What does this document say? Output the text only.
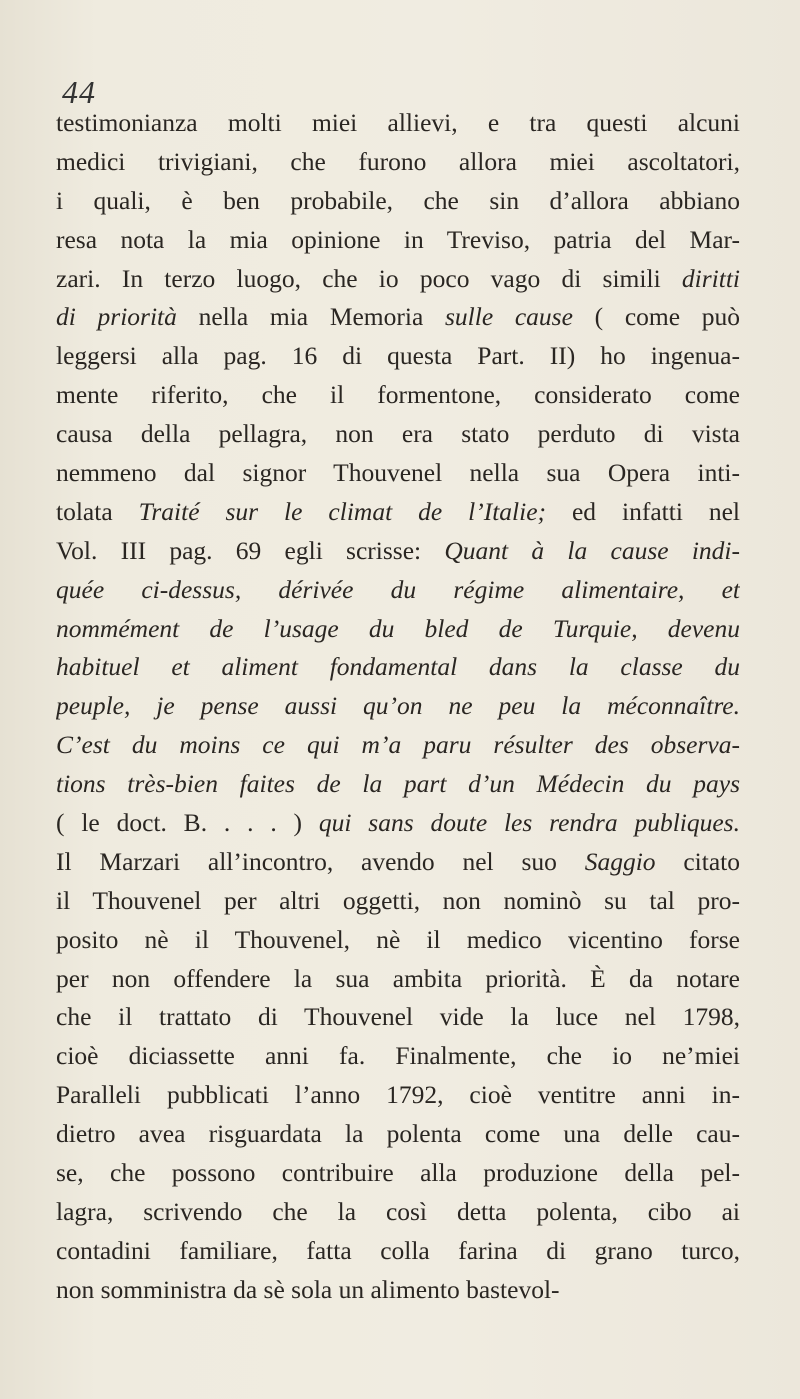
44
testimonianza molti miei allievi, e tra questi alcuni
medici trivigiani, che furono allora miei ascoltatori,
i quali, è ben probabile, che sin d’allora abbiano
resa nota la mia opinione in Treviso, patria del Mar-
zari. In terzo luogo, che io poco vago di simili diritti
di priorità nella mia Memoria sulle cause ( come può
leggersi alla pag. 16 di questa Part. II) ho ingenua-
mente riferito, che il formentone, considerato come
causa della pellagra, non era stato perduto di vista
nemmeno dal signor Thouvenel nella sua Opera inti-
tolata Traité sur le climat de l’Italie; ed infatti nel
Vol. III pag. 69 egli scrisse: Quant à la cause indi-
quée ci-dessus, dérivée du régime alimentaire, et
nommément de l’usage du bled de Turquie, devenu
habituel et aliment fondamental dans la classe du
peuple, je pense aussi qu’on ne peu la méconnaître.
C’est du moins ce qui m’a paru résulter des observa-
tions très-bien faites de la part d’un Médecin du pays
( le doct. B. . . . ) qui sans doute les rendra publiques.
Il Marzari all’incontro, avendo nel suo Saggio citato
il Thouvenel per altri oggetti, non nominò su tal pro-
posito nè il Thouvenel, nè il medico vicentino forse
per non offendere la sua ambita priorità. È da notare
che il trattato di Thouvenel vide la luce nel 1798,
cioè diciassette anni fa. Finalmente, che io ne’miei
Paralleli pubblicati l’anno 1792, cioè ventitre anni in-
dietro avea risguardata la polenta come una delle cau-
se, che possono contribuire alla produzione della pel-
lagra, scrivendo che la così detta polenta, cibo ai
contadini familiare, fatta colla farina di grano turco,
non somministra da sè sola un alimento bastevol-
